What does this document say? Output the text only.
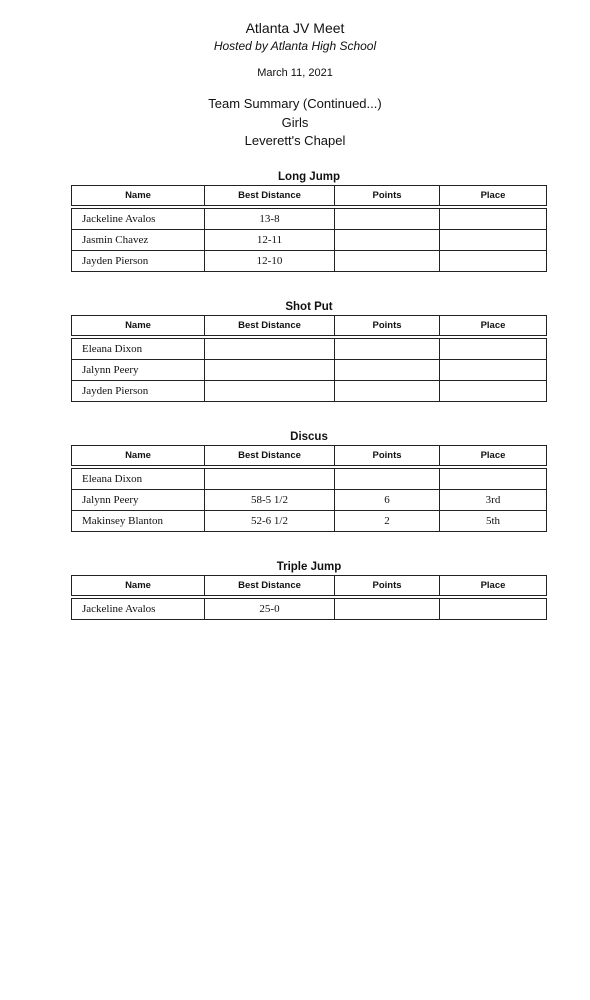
Atlanta JV Meet
Hosted by Atlanta High School
March 11, 2021
Team Summary (Continued...)
Girls
Leverett's Chapel
Long Jump
Name	Best Distance	Points	Place

Jackeline Avalos	13-8		
Jasmin Chavez	12-11		
Jayden Pierson	12-10		
Shot Put
Name	Best Distance	Points	Place

Eleana Dixon			
Jalynn Peery			
Jayden Pierson			
Discus
Name	Best Distance	Points	Place

Eleana Dixon			
Jalynn Peery	58-5 1/2	6	3rd
Makinsey Blanton	52-6 1/2	2	5th
Triple Jump
Name	Best Distance	Points	Place

Jackeline Avalos	25-0		
